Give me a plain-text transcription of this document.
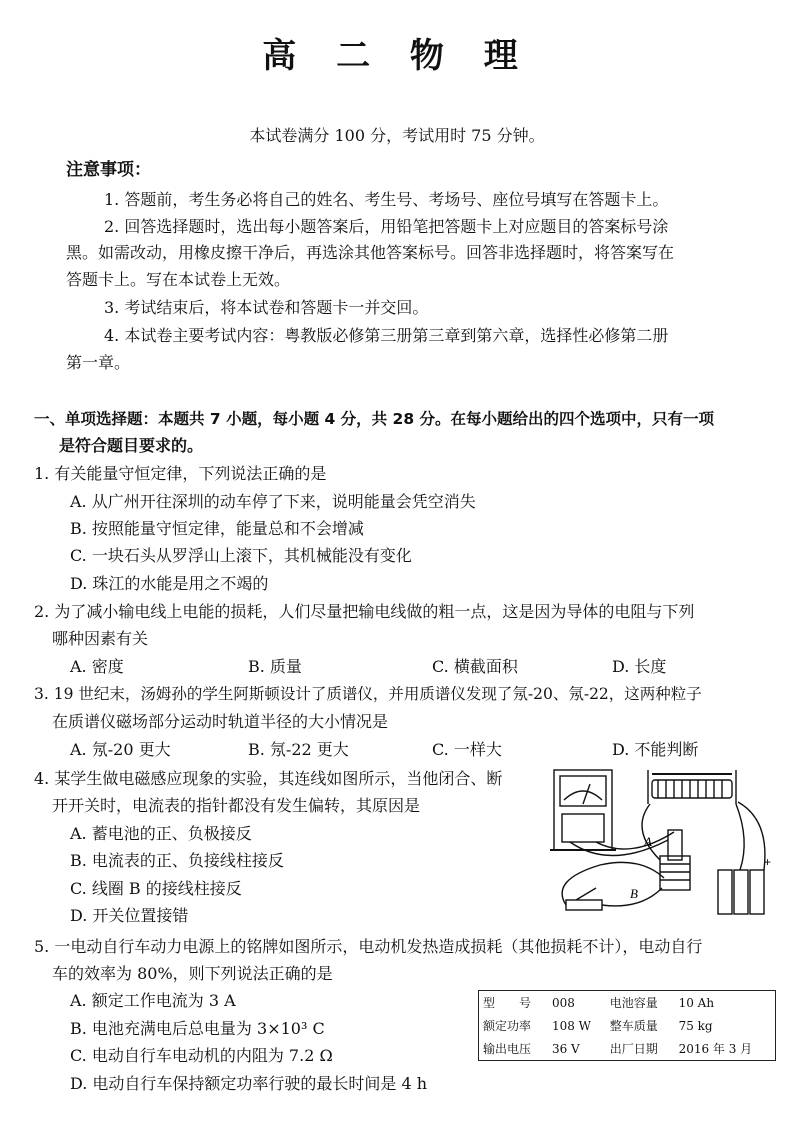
高 二 物 理
本试卷满分 100 分，考试用时 75 分钟。
注意事项：
1. 答题前，考生务必将自己的姓名、考生号、考场号、座位号填写在答题卡上。
2. 回答选择题时，选出每小题答案后，用铅笔把答题卡上对应题目的答案标号涂
黑。如需改动，用橡皮擦干净后，再选涂其他答案标号。回答非选择题时，将答案写在
答题卡上。写在本试卷上无效。
3. 考试结束后，将本试卷和答题卡一并交回。
4. 本试卷主要考试内容：粤教版必修第三册第三章到第六章，选择性必修第二册
第一章。
一、单项选择题：本题共 7 小题，每小题 4 分，共 28 分。在每小题给出的四个选项中，只有一项
是符合题目要求的。
1. 有关能量守恒定律，下列说法正确的是
A. 从广州开往深圳的动车停了下来，说明能量会凭空消失
B. 按照能量守恒定律，能量总和不会增减
C. 一块石头从罗浮山上滚下，其机械能没有变化
D. 珠江的水能是用之不竭的
2. 为了减小输电线上电能的损耗，人们尽量把输电线做的粗一点，这是因为导体的电阻与下列
哪种因素有关
A. 密度	B. 质量	C. 横截面积	D. 长度
3. 19 世纪末，汤姆孙的学生阿斯顿设计了质谱仪，并用质谱仪发现了氖-20、氖-22，这两种粒子
在质谱仪磁场部分运动时轨道半径的大小情况是
A. 氖-20 更大	B. 氖-22 更大	C. 一样大	D. 不能判断
4. 某学生做电磁感应现象的实验，其连线如图所示，当他闭合、断
开开关时，电流表的指针都没有发生偏转，其原因是
A. 蓄电池的正、负极接反
B. 电流表的正、负接线柱接反
C. 线圈 B 的接线柱接反
D. 开关位置接错
A
B
+
5. 一电动自行车动力电源上的铭牌如图所示，电动机发热造成损耗（其他损耗不计），电动自行
车的效率为 80%，则下列说法正确的是
A. 额定工作电流为 3 A
B. 电池充满电后总电量为 3×10³ C
C. 电动自行车电动机的内阻为 7.2 Ω
D. 电动自行车保持额定功率行驶的最长时间是 4 h
型　　号	008	电池容量	10 Ah
额定功率	108 W	整车质量	75 kg
输出电压	36 V	出厂日期	2016 年 3 月
